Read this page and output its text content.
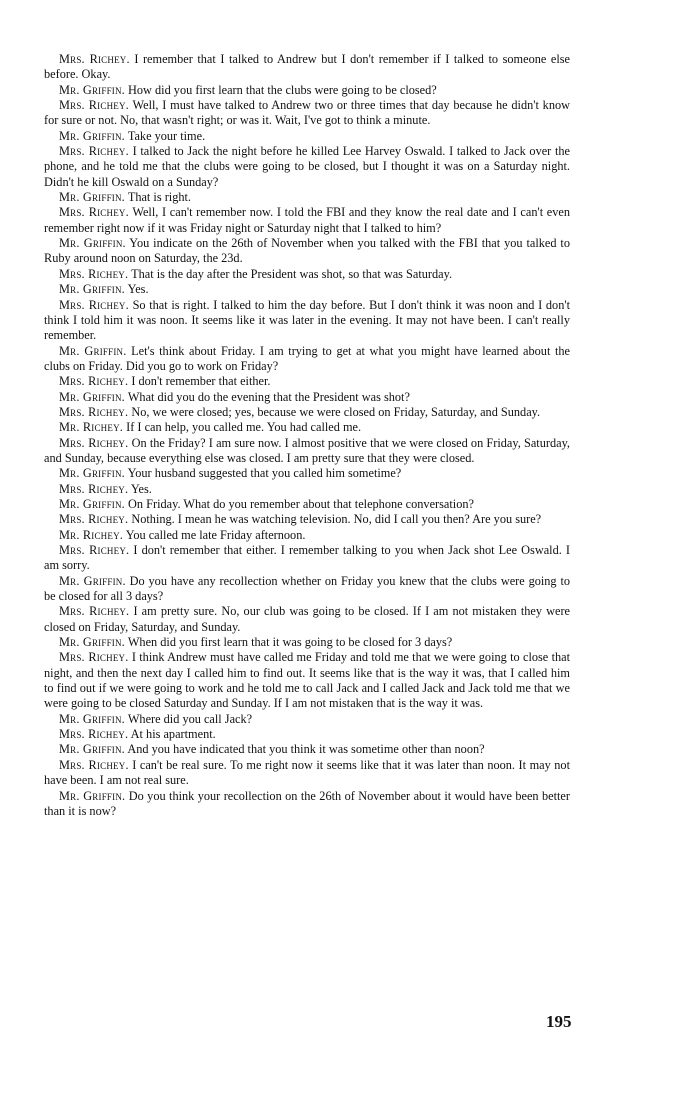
Mrs. Richey. I remember that I talked to Andrew but I don't remember if I talked to someone else before. Okay.

Mr. Griffin. How did you first learn that the clubs were going to be closed?

Mrs. Richey. Well, I must have talked to Andrew two or three times that day because he didn't know for sure or not. No, that wasn't right; or was it. Wait, I've got to think a minute.

Mr. Griffin. Take your time.

Mrs. Richey. I talked to Jack the night before he killed Lee Harvey Oswald. I talked to Jack over the phone, and he told me that the clubs were going to be closed, but I thought it was on a Saturday night. Didn't he kill Oswald on a Sunday?

Mr. Griffin. That is right.

Mrs. Richey. Well, I can't remember now. I told the FBI and they know the real date and I can't even remember right now if it was Friday night or Saturday night that I talked to him?

Mr. Griffin. You indicate on the 26th of November when you talked with the FBI that you talked to Ruby around noon on Saturday, the 23d.

Mrs. Richey. That is the day after the President was shot, so that was Saturday.

Mr. Griffin. Yes.

Mrs. Richey. So that is right. I talked to him the day before. But I don't think it was noon and I don't think I told him it was noon. It seems like it was later in the evening. It may not have been. I can't really remember.

Mr. Griffin. Let's think about Friday. I am trying to get at what you might have learned about the clubs on Friday. Did you go to work on Friday?

Mrs. Richey. I don't remember that either.

Mr. Griffin. What did you do the evening that the President was shot?

Mrs. Richey. No, we were closed; yes, because we were closed on Friday, Saturday, and Sunday.

Mr. Richey. If I can help, you called me. You had called me.

Mrs. Richey. On the Friday? I am sure now. I almost positive that we were closed on Friday, Saturday, and Sunday, because everything else was closed. I am pretty sure that they were closed.

Mr. Griffin. Your husband suggested that you called him sometime?

Mrs. Richey. Yes.

Mr. Griffin. On Friday. What do you remember about that telephone conversation?

Mrs. Richey. Nothing. I mean he was watching television. No, did I call you then? Are you sure?

Mr. Richey. You called me late Friday afternoon.

Mrs. Richey. I don't remember that either. I remember talking to you when Jack shot Lee Oswald. I am sorry.

Mr. Griffin. Do you have any recollection whether on Friday you knew that the clubs were going to be closed for all 3 days?

Mrs. Richey. I am pretty sure. No, our club was going to be closed. If I am not mistaken they were closed on Friday, Saturday, and Sunday.

Mr. Griffin. When did you first learn that it was going to be closed for 3 days?

Mrs. Richey. I think Andrew must have called me Friday and told me that we were going to close that night, and then the next day I called him to find out. It seems like that is the way it was, that I called him to find out if we were going to work and he told me to call Jack and I called Jack and Jack told me that we were going to be closed Saturday and Sunday. If I am not mistaken that is the way it was.

Mr. Griffin. Where did you call Jack?

Mrs. Richey. At his apartment.

Mr. Griffin. And you have indicated that you think it was sometime other than noon?

Mrs. Richey. I can't be real sure. To me right now it seems like that it was later than noon. It may not have been. I am not real sure.

Mr. Griffin. Do you think your recollection on the 26th of November about it would have been better than it is now?

195
